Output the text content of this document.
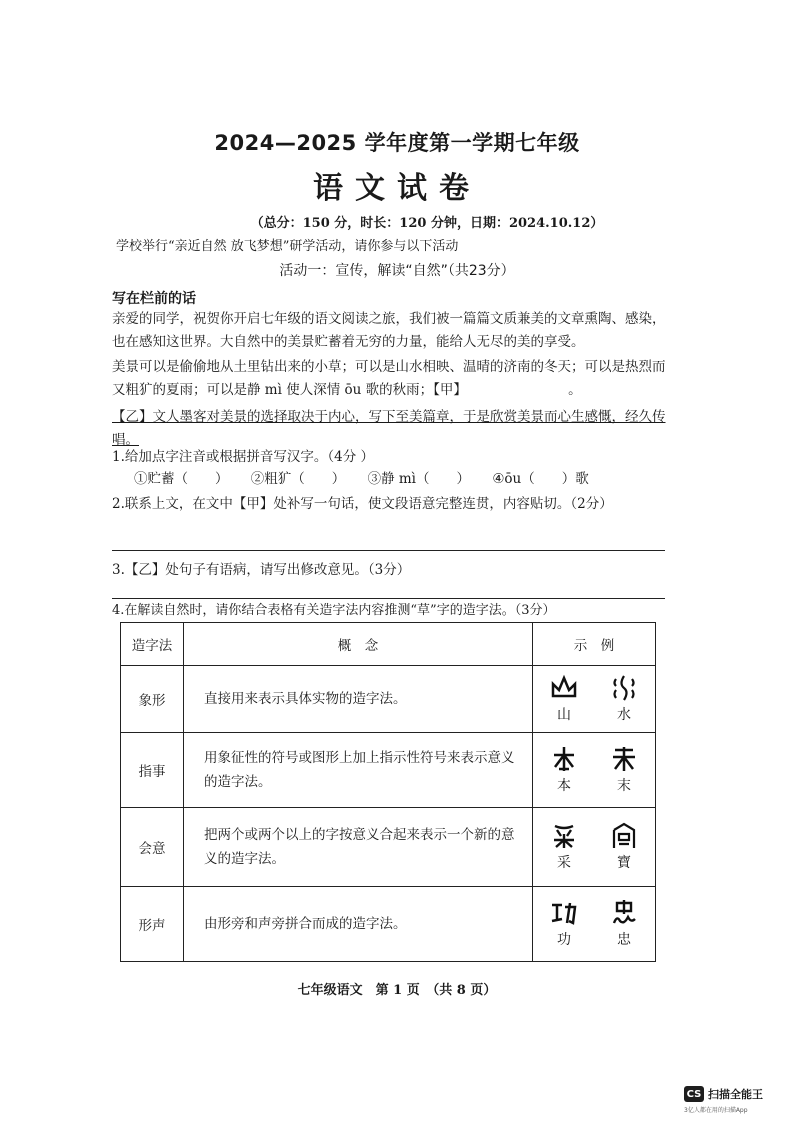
2024—2025 学年度第一学期七年级
语文试卷
（总分：150 分，时长：120 分钟，日期：2024.10.12）
学校举行“亲近自然 放飞梦想”研学活动，请你参与以下活动
活动一：宣传，解读“自然”（共23分）
写在栏前的话
亲爱的同学，祝贺你开启七年级的语文阅读之旅，我们被一篇篇文质兼美的文章熏陶、感染，也在感知这世界。大自然中的美景贮蓄着无穷的力量，能给人无尽的美的享受。
美景可以是偷偷地从土里钻出来的小草；可以是山水相映、温晴的济南的冬天；可以是热烈而又粗犷的夏雨；可以是静 mì 使人深情 ōu 歌的秋雨；【甲】　　　　　　　　。
【乙】文人墨客对美景的选择取决于内心，写下至美篇章，于是欣赏美景而心生感慨，经久传唱。
1.给加点字注音或根据拼音写汉字。（4分 ）
①贮蓄（　　） ②粗犷（　　） ③静 mì（　　） ④ōu（　　）歌
2.联系上文，在文中【甲】处补写一句话，使文段语意完整连贯，内容贴切。（2分）
3.【乙】处句子有语病，请写出修改意见。（3分）
4.在解读自然时，请你结合表格有关造字法内容推测“草”字的造字法。（3分）
造字法	概　念	示　例
象形	直接用来表示具体实物的造字法。	山 水

指事	用象征性的符号或图形上加上指示性符号来表示意义的造字法。	本 末

会意	把两个或两个以上的字按意义合起来表示一个新的意义的造字法。	采 寶

形声	由形旁和声旁拼合而成的造字法。	功 忠
七年级语文　第 1 页　（共 8 页）
CS 扫描全能王
3亿人都在用的扫描App
